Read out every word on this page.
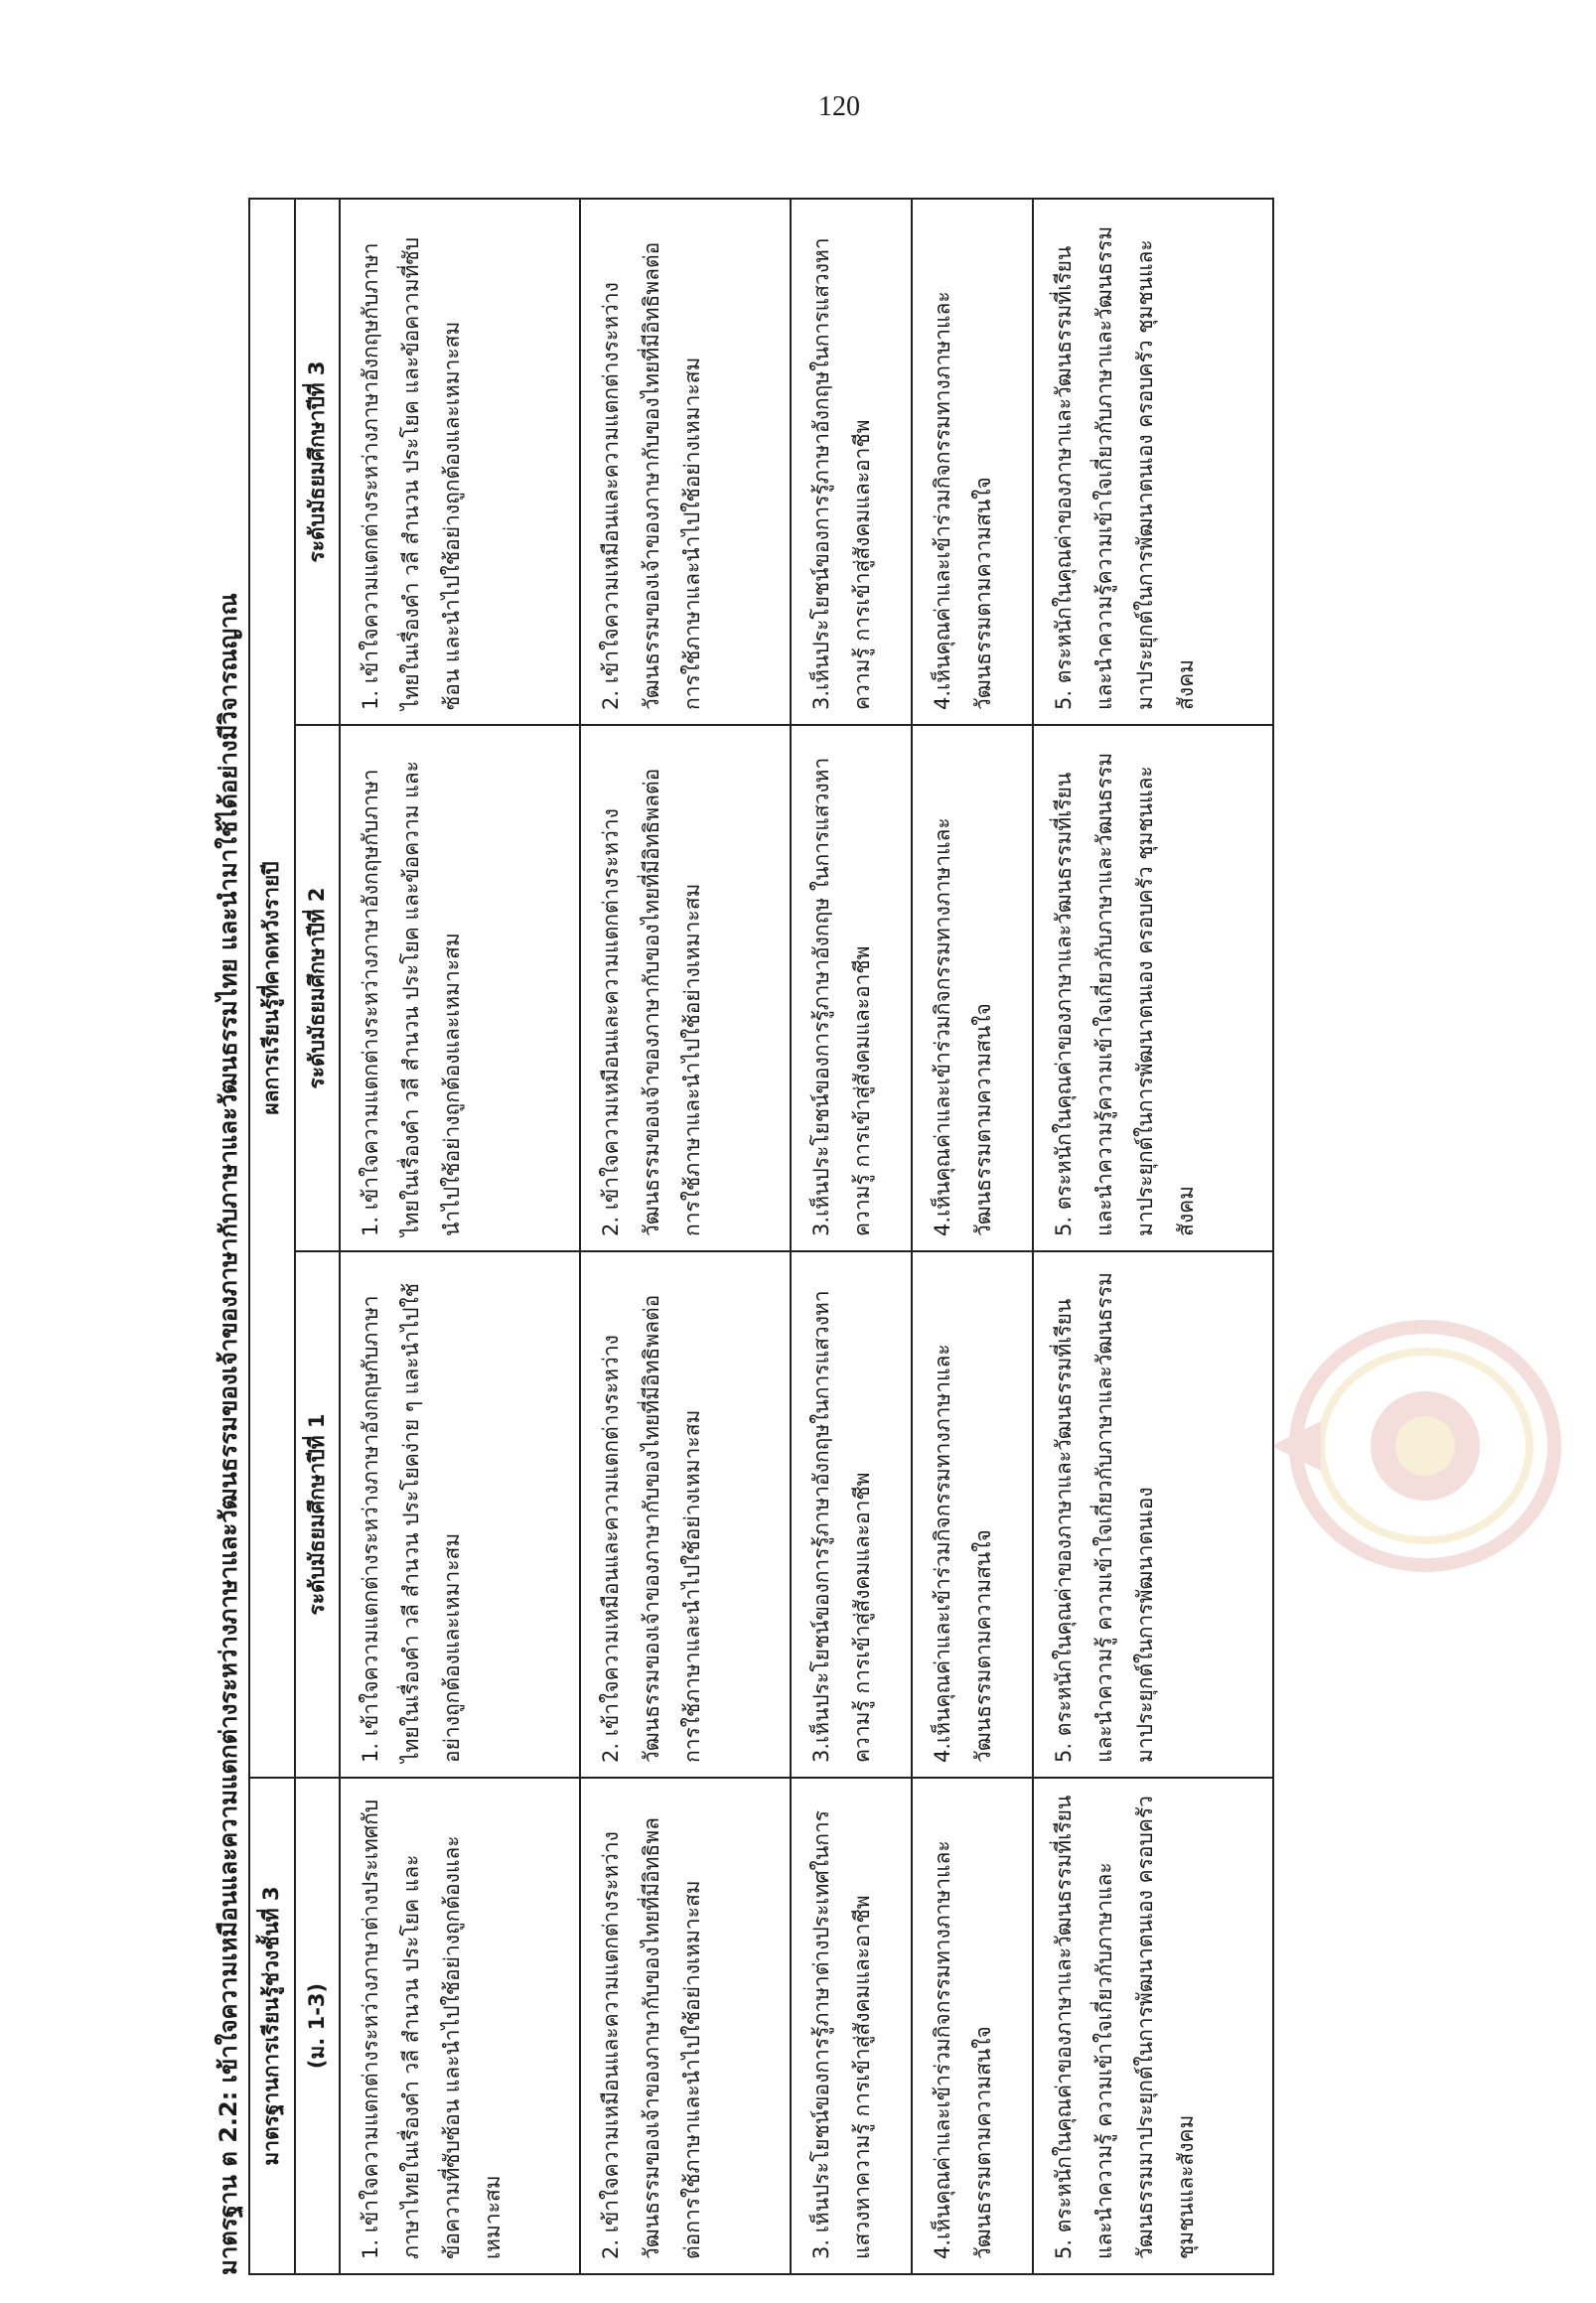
120
มาตรฐาน ต 2.2: เข้าใจความเหมือนและความแตกต่างระหว่างภาษาและวัฒนธรรมของเจ้าของภาษากับภาษาและวัฒนธรรมไทย และนำมาใช้ได้อย่างมีวิจารณญาณ มาตรฐานการเรียนรู้ช่วงชั้นที่ 3	ผลการเรียนรู้ที่คาดหวังรายปี		
(ม. 1-3)	ระดับมัธยมศึกษาปีที่ 1	ระดับมัธยมศึกษาปีที่ 2	ระดับมัธยมศึกษาปีที่ 3
1. เข้าใจความแตกต่างระหว่างภาษาต่างประเทศกับภาษาไทยในเรื่องคำ วลี สำนวน ประโยค และข้อความที่ซับซ้อน และนำไปใช้อย่างถูกต้องและเหมาะสม	1. เข้าใจความแตกต่างระหว่างภาษาอังกฤษกับภาษาไทยในเรื่องคำ วลี สำนวน ประโยคง่าย ๆ และนำไปใช้อย่างถูกต้องและเหมาะสม	1. เข้าใจความแตกต่างระหว่างภาษาอังกฤษกับภาษาไทยในเรื่องคำ วลี สำนวน ประโยค และข้อความ และนำไปใช้อย่างถูกต้องและเหมาะสม	1. เข้าใจความแตกต่างระหว่างภาษาอังกฤษกับภาษาไทยในเรื่องคำ วลี สำนวน ประโยค และข้อความที่ซับซ้อน และนำไปใช้อย่างถูกต้องและเหมาะสม
2. เข้าใจความเหมือนและความแตกต่างระหว่างวัฒนธรรมของเจ้าของภาษากับของไทยที่มีอิทธิพลต่อการใช้ภาษาและนำไปใช้อย่างเหมาะสม	2. เข้าใจความเหมือนและความแตกต่างระหว่างวัฒนธรรมของเจ้าของภาษากับของไทยที่มีอิทธิพลต่อการใช้ภาษาและนำไปใช้อย่างเหมาะสม	2. เข้าใจความเหมือนและความแตกต่างระหว่างวัฒนธรรมของเจ้าของภาษากับของไทยที่มีอิทธิพลต่อการใช้ภาษาและนำไปใช้อย่างเหมาะสม	2. เข้าใจความเหมือนและความแตกต่างระหว่างวัฒนธรรมของเจ้าของภาษากับของไทยที่มีอิทธิพลต่อการใช้ภาษาและนำไปใช้อย่างเหมาะสม
3. เห็นประโยชน์ของการรู้ภาษาต่างประเทศในการแสวงหาความรู้ การเข้าสู่สังคมและอาชีพ	3.เห็นประโยชน์ของการรู้ภาษาอังกฤษในการแสวงหาความรู้ การเข้าสู่สังคมและอาชีพ	3.เห็นประโยชน์ของการรู้ภาษาอังกฤษ ในการแสวงหาความรู้ การเข้าสู่สังคมและอาชีพ	3.เห็นประโยชน์ของการรู้ภาษาอังกฤษในการแสวงหาความรู้ การเข้าสู่สังคมและอาชีพ
4.เห็นคุณค่าและเข้าร่วมกิจกรรมทางภาษาและวัฒนธรรมตามความสนใจ	4.เห็นคุณค่าและเข้าร่วมกิจกรรมทางภาษาและวัฒนธรรมตามความสนใจ	4.เห็นคุณค่าและเข้าร่วมกิจกรรมทางภาษาและวัฒนธรรมตามความสนใจ	4.เห็นคุณค่าและเข้าร่วมกิจกรรมทางภาษาและวัฒนธรรมตามความสนใจ
5. ตระหนักในคุณค่าของภาษาและวัฒนธรรมที่เรียน และนำความรู้ ความเข้าใจเกี่ยวกับภาษาและวัฒนธรรมมาประยุกต์ในการพัฒนาตนเอง ครอบครัว ชุมชนและสังคม	5. ตระหนักในคุณค่าของภาษาและวัฒนธรรมที่เรียน และนำความรู้ ความเข้าใจเกี่ยวกับภาษาและวัฒนธรรมมาประยุกต์ในการพัฒนาตนเอง	5. ตระหนักในคุณค่าของภาษาและวัฒนธรรมที่เรียน และนำความรู้ความเข้าใจเกี่ยวกับภาษาและวัฒนธรรมมาประยุกต์ในการพัฒนาตนเอง ครอบครัว ชุมชนและสังคม	5. ตระหนักในคุณค่าของภาษาและวัฒนธรรมที่เรียน และนำความรู้ความเข้าใจเกี่ยวกับภาษาและวัฒนธรรมมาประยุกต์ในการพัฒนาตนเอง ครอบครัว ชุมชนและสังคม
